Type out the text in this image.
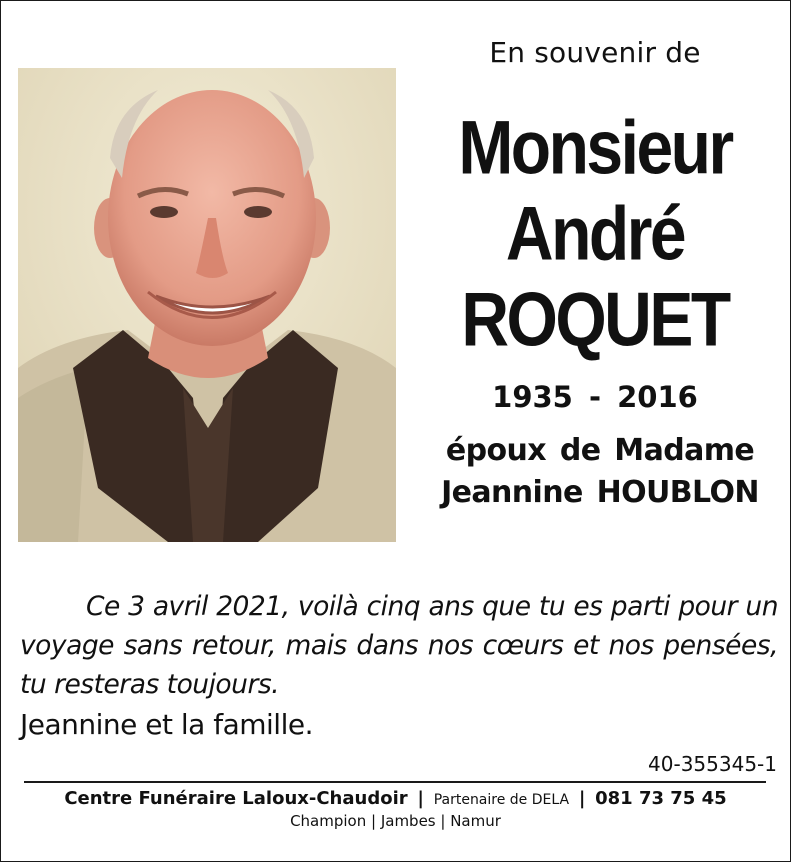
En souvenir de
Monsieur
André
ROQUET
1935 - 2016
époux de Madame
Jeannine HOUBLON
Ce 3 avril 2021, voilà cinq ans que tu es parti pour un voyage sans retour, mais dans nos cœurs et nos pensées, tu resteras toujours.
Jeannine et la famille.
40-355345-1
Centre Funéraire Laloux-Chaudoir | Partenaire de DELA | 081 73 75 45
Champion | Jambes | Namur
